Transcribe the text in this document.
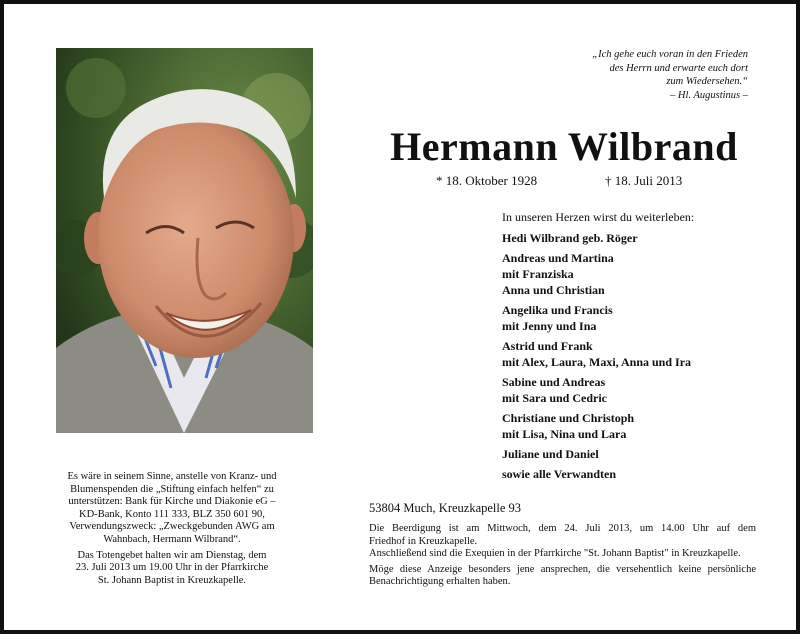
„Ich gehe euch voran in den Frieden
des Herrn und erwarte euch dort
zum Wiedersehen.“
– Hl. Augustinus –
Hermann Wilbrand
* 18. Oktober 1928	† 18. Juli 2013
In unseren Herzen wirst du weiterleben:
Hedi Wilbrand geb. Röger
Andreas und Martina
mit Franziska
Anna und Christian
Angelika und Francis
mit Jenny und Ina
Astrid und Frank
mit Alex, Laura, Maxi, Anna und Ira
Sabine und Andreas
mit Sara und Cedric
Christiane und Christoph
mit Lisa, Nina und Lara
Juliane und Daniel
sowie alle Verwandten
Es wäre in seinem Sinne, anstelle von Kranz- und
Blumenspenden die „Stiftung einfach helfen“ zu
unterstützen: Bank für Kirche und Diakonie eG –
KD-Bank, Konto 111 333, BLZ 350 601 90,
Verwendungszweck: „Zweckgebunden AWG am
Wahnbach, Hermann Wilbrand“.
Das Totengebet halten wir am Dienstag, dem
23. Juli 2013 um 19.00 Uhr in der Pfarrkirche
St. Johann Baptist in Kreuzkapelle.
53804 Much, Kreuzkapelle 93
Die Beerdigung ist am Mittwoch, dem 24. Juli 2013, um 14.00 Uhr auf dem
Friedhof in Kreuzkapelle.
Anschließend sind die Exequien in der Pfarrkirche "St. Johann Baptist" in Kreuzkapelle.
Möge diese Anzeige besonders jene ansprechen, die versehentlich keine persönliche
Benachrichtigung erhalten haben.
